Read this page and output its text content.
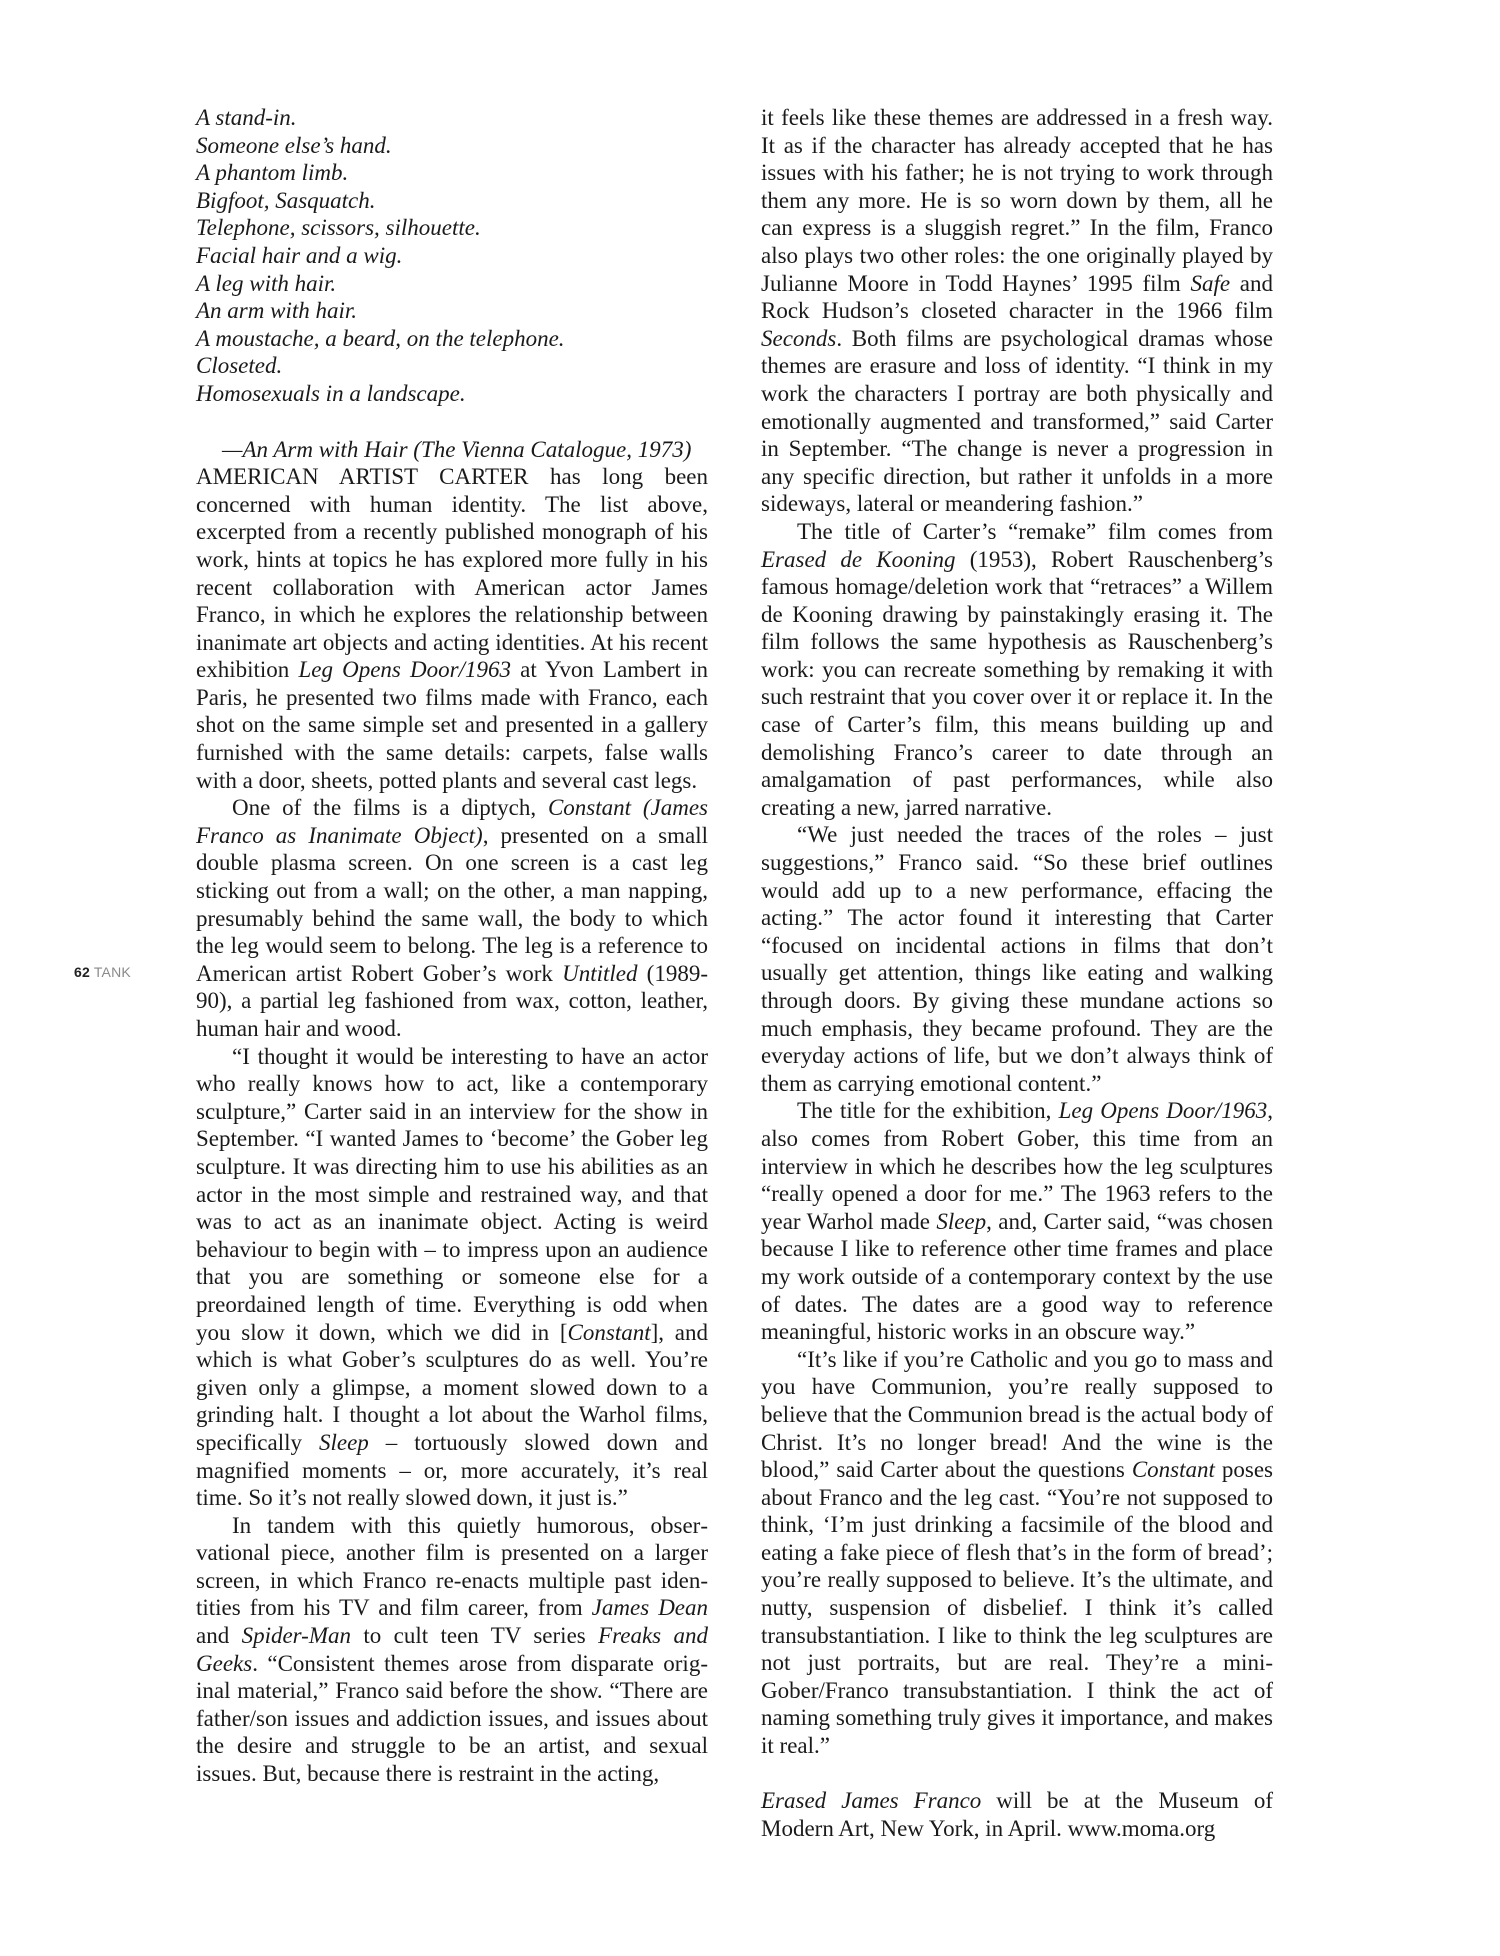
62 TANK
A stand-in.
Someone else’s hand.
A phantom limb.
Bigfoot, Sasquatch.
Telephone, scissors, silhouette.
Facial hair and a wig.
A leg with hair.
An arm with hair.
A moustache, a beard, on the telephone.
Closeted.
Homosexuals in a landscape.

—An Arm with Hair (The Vienna Catalogue, 1973)

AMERICAN ARTIST CARTER has long been concerned with human identity. The list above, excerpted from a recently published monograph of his work, hints at topics he has explored more fully in his recent collaboration with American actor James Franco, in which he explores the relationship between inanimate art objects and acting identities. At his recent exhibition Leg Opens Door/1963 at Yvon Lambert in Paris, he presented two films made with Franco, each shot on the same simple set and presented in a gallery furnished with the same details: carpets, false walls with a door, sheets, potted plants and several cast legs.

One of the films is a diptych, Constant (James Franco as Inanimate Object), presented on a small double plasma screen. On one screen is a cast leg sticking out from a wall; on the other, a man napping, presumably behind the same wall, the body to which the leg would seem to belong. The leg is a reference to American artist Robert Gober’s work Untitled (1989-90), a partial leg fashioned from wax, cotton, leather, human hair and wood.

“I thought it would be interesting to have an actor who really knows how to act, like a contemporary sculpture,” Carter said in an interview for the show in September. “I wanted James to ‘become’ the Gober leg sculpture. It was directing him to use his abilities as an actor in the most simple and restrained way, and that was to act as an inanimate object. Acting is weird behaviour to begin with – to impress upon an audience that you are something or someone else for a preordained length of time. Everything is odd when you slow it down, which we did in [Constant], and which is what Gober’s sculptures do as well. You’re given only a glimpse, a moment slowed down to a grinding halt. I thought a lot about the Warhol films, specifically Sleep – tortuously slowed down and magnified moments – or, more accurately, it’s real time. So it’s not really slowed down, it just is.”

In tandem with this quietly humorous, observational piece, another film is presented on a larger screen, in which Franco re-enacts multiple past identities from his TV and film career, from James Dean and Spider-Man to cult teen TV series Freaks and Geeks. “Consistent themes arose from disparate original material,” Franco said before the show. “There are father/son issues and addiction issues, and issues about the desire and struggle to be an artist, and sexual issues. But, because there is restraint in the acting,

it feels like these themes are addressed in a fresh way. It as if the character has already accepted that he has issues with his father; he is not trying to work through them any more. He is so worn down by them, all he can express is a sluggish regret.” In the film, Franco also plays two other roles: the one originally played by Julianne Moore in Todd Haynes’ 1995 film Safe and Rock Hudson’s closeted character in the 1966 film Seconds. Both films are psychological dramas whose themes are erasure and loss of identity. “I think in my work the characters I portray are both physically and emotionally augmented and transformed,” said Carter in September. “The change is never a progression in any specific direction, but rather it unfolds in a more sideways, lateral or meandering fashion.”

The title of Carter’s “remake” film comes from Erased de Kooning (1953), Robert Rauschenberg’s famous homage/deletion work that “retraces” a Willem de Kooning drawing by painstakingly erasing it. The film follows the same hypothesis as Rauschenberg’s work: you can recreate something by remaking it with such restraint that you cover over it or replace it. In the case of Carter’s film, this means building up and demolishing Franco’s career to date through an amalgamation of past performances, while also creating a new, jarred narrative.

“We just needed the traces of the roles – just suggestions,” Franco said. “So these brief outlines would add up to a new performance, effacing the acting.” The actor found it interesting that Carter “focused on incidental actions in films that don’t usually get attention, things like eating and walking through doors. By giving these mundane actions so much emphasis, they became profound. They are the everyday actions of life, but we don’t always think of them as carrying emotional content.”

The title for the exhibition, Leg Opens Door/1963, also comes from Robert Gober, this time from an interview in which he describes how the leg sculptures “really opened a door for me.” The 1963 refers to the year Warhol made Sleep, and, Carter said, “was chosen because I like to reference other time frames and place my work outside of a contemporary context by the use of dates. The dates are a good way to reference meaningful, historic works in an obscure way.”

“It’s like if you’re Catholic and you go to mass and you have Communion, you’re really supposed to believe that the Communion bread is the actual body of Christ. It’s no longer bread! And the wine is the blood,” said Carter about the questions Constant poses about Franco and the leg cast. “You’re not supposed to think, ‘I’m just drinking a facsimile of the blood and eating a fake piece of flesh that’s in the form of bread’; you’re really supposed to believe. It’s the ultimate, and nutty, suspension of disbelief. I think it’s called transubstantiation. I like to think the leg sculptures are not just portraits, but are real. They’re a mini-Gober/Franco transubstantiation. I think the act of naming something truly gives it importance, and makes it real.”

Erased James Franco will be at the Museum of Modern Art, New York, in April. www.moma.org
